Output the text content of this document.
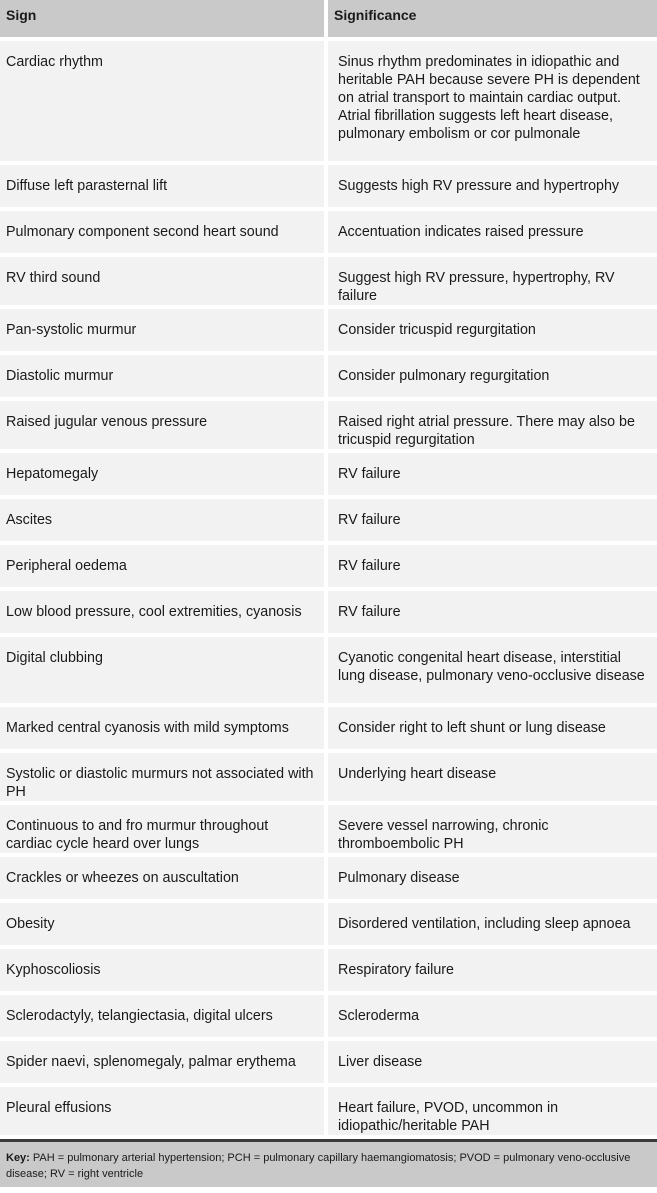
Sign	Significance
Cardiac rhythm	Sinus rhythm predominates in idiopathic and heritable PAH because severe PH is dependent on atrial transport to maintain cardiac output.
Atrial fibrillation suggests left heart disease, pulmonary embolism or cor pulmonale

Diffuse left parasternal lift	Suggests high RV pressure and hypertrophy

Pulmonary component second heart sound	Accentuation indicates raised pressure

RV third sound	Suggest high RV pressure, hypertrophy, RV failure

Pan-systolic murmur	Consider tricuspid regurgitation

Diastolic murmur	Consider pulmonary regurgitation

Raised jugular venous pressure	Raised right atrial pressure. There may also be tricuspid regurgitation

Hepatomegaly	RV failure

Ascites	RV failure

Peripheral oedema	RV failure

Low blood pressure, cool extremities, cyanosis	RV failure

Digital clubbing	Cyanotic congenital heart disease, interstitial lung disease, pulmonary veno-occlusive disease

Marked central cyanosis with mild symptoms	Consider right to left shunt or lung disease

Systolic or diastolic murmurs not associated with PH	Underlying heart disease

Continuous to and fro murmur throughout cardiac cycle heard over lungs	Severe vessel narrowing, chronic thromboembolic PH

Crackles or wheezes on auscultation	Pulmonary disease

Obesity	Disordered ventilation, including sleep apnoea

Kyphoscoliosis	Respiratory failure

Sclerodactyly, telangiectasia, digital ulcers	Scleroderma

Spider naevi, splenomegaly, palmar erythema	Liver disease

Pleural effusions	Heart failure, PVOD, uncommon in idiopathic/heritable PAH
Key: PAH = pulmonary arterial hypertension; PCH = pulmonary capillary haemangiomatosis; PVOD = pulmonary veno-occlusive disease; RV = right ventricle
